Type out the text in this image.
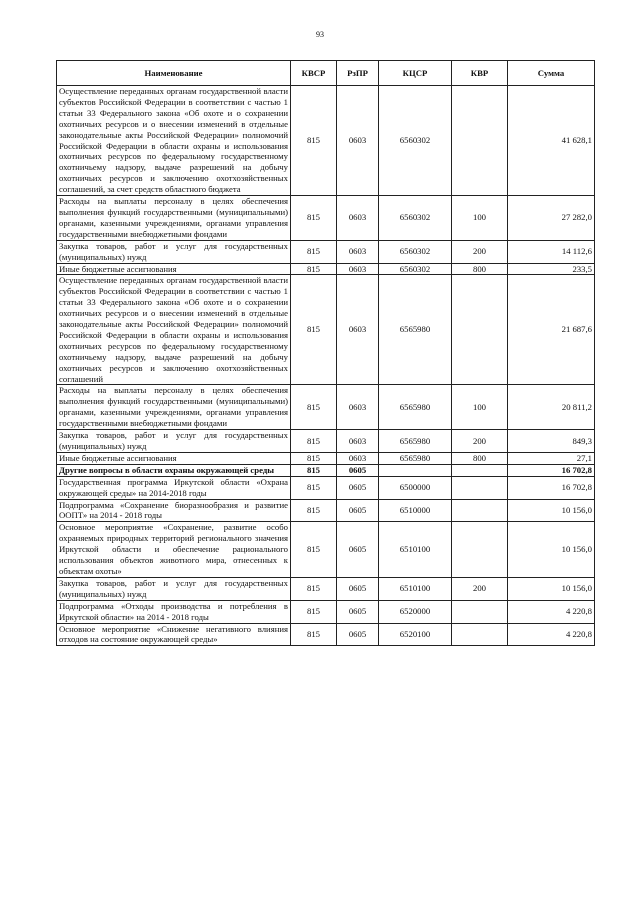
93
Наименование	КВСР	РзПР	КЦСР	КВР	Сумма
Осуществление переданных органам государственной власти субъектов Российской Федерации в соответствии с частью 1 статьи 33 Федерального закона «Об охоте и о сохранении охотничьих ресурсов и о внесении изменений в отдельные законодательные акты Российской Федерации» полномочий Российской Федерации в области охраны и использования охотничьих ресурсов по федеральному государственному охотничьему надзору, выдаче разрешений на добычу охотничьих ресурсов и заключению охотхозяйственных соглашений, за счет средств областного бюджета	815	0603	6560302		41 628,1
Расходы на выплаты персоналу в целях обеспечения выполнения функций государственными (муниципальными) органами, казенными учреждениями, органами управления государственными внебюджетными фондами	815	0603	6560302	100	27 282,0
Закупка товаров, работ и услуг для государственных (муниципальных) нужд	815	0603	6560302	200	14 112,6
Иные бюджетные ассигнования	815	0603	6560302	800	233,5
Осуществление переданных органам государственной власти субъектов Российской Федерации в соответствии с частью 1 статьи 33 Федерального закона «Об охоте и о сохранении охотничьих ресурсов и о внесении изменений в отдельные законодательные акты Российской Федерации» полномочий Российской Федерации в области охраны и использования охотничьих ресурсов по федеральному государственному охотничьему надзору, выдаче разрешений на добычу охотничьих ресурсов и заключению охотхозяйственных соглашений	815	0603	6565980		21 687,6
Расходы на выплаты персоналу в целях обеспечения выполнения функций государственными (муниципальными) органами, казенными учреждениями, органами управления государственными внебюджетными фондами	815	0603	6565980	100	20 811,2
Закупка товаров, работ и услуг для государственных (муниципальных) нужд	815	0603	6565980	200	849,3
Иные бюджетные ассигнования	815	0603	6565980	800	27,1
Другие вопросы в области охраны окружающей среды	815	0605			16 702,8
Государственная программа Иркутской области «Охрана окружающей среды» на 2014-2018 годы	815	0605	6500000		16 702,8
Подпрограмма «Сохранение биоразнообразия и развитие ООПТ» на 2014 - 2018 годы	815	0605	6510000		10 156,0
Основное мероприятие «Сохранение, развитие особо охраняемых природных территорий регионального значения Иркутской области и обеспечение рационального использования объектов животного мира, отнесенных к объектам охоты»	815	0605	6510100		10 156,0
Закупка товаров, работ и услуг для государственных (муниципальных) нужд	815	0605	6510100	200	10 156,0
Подпрограмма «Отходы производства и потребления в Иркутской области» на 2014 - 2018 годы	815	0605	6520000		4 220,8
Основное мероприятие «Снижение негативного влияния отходов на состояние окружающей среды»	815	0605	6520100		4 220,8
